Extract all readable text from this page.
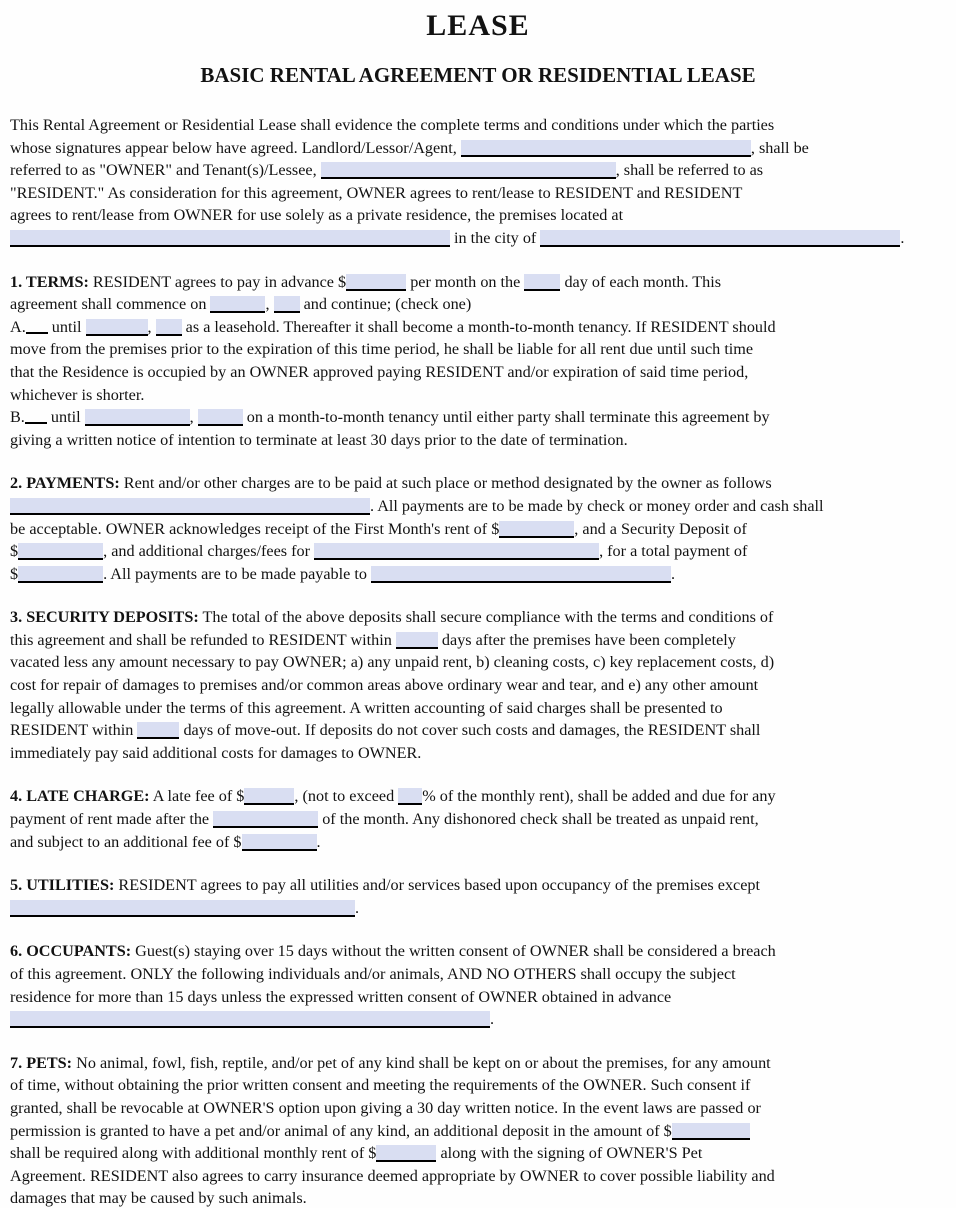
LEASE
BASIC RENTAL AGREEMENT OR RESIDENTIAL LEASE
This Rental Agreement or Residential Lease shall evidence the complete terms and conditions under which the parties
whose signatures appear below have agreed. Landlord/Lessor/Agent,	, shall be
referred to as "OWNER" and Tenant(s)/Lessee,	, shall be referred to as
"RESIDENT." As consideration for this agreement, OWNER agrees to rent/lease to RESIDENT and RESIDENT
agrees to rent/lease from OWNER for use solely as a private residence, the premises located at
in the city of	.
1. TERMS: RESIDENT agrees to pay in advance $	per month on the  day of each month. This
agreement shall commence on	,  and continue; (check one)
A. until	,  as a leasehold. Thereafter it shall become a month-to-month tenancy. If RESIDENT should
move from the premises prior to the expiration of this time period, he shall be liable for all rent due until such time
that the Residence is occupied by an OWNER approved paying RESIDENT and/or expiration of said time period,
whichever is shorter.
B. until	,	on a month-to-month tenancy until either party shall terminate this agreement by
giving a written notice of intention to terminate at least 30 days prior to the date of termination.
2. PAYMENTS: Rent and/or other charges are to be paid at such place or method designated by the owner as follows
. All payments are to be made by check or money order and cash shall
be acceptable. OWNER acknowledges receipt of the First Month's rent of $	, and a Security Deposit of
$	, and additional charges/fees for	, for a total payment of
$	. All payments are to be made payable to	.
3. SECURITY DEPOSITS: The total of the above deposits shall secure compliance with the terms and conditions of
this agreement and shall be refunded to RESIDENT within	days after the premises have been completely
vacated less any amount necessary to pay OWNER; a) any unpaid rent, b) cleaning costs, c) key replacement costs, d)
cost for repair of damages to premises and/or common areas above ordinary wear and tear, and e) any other amount
legally allowable under the terms of this agreement. A written accounting of said charges shall be presented to
RESIDENT within	days of move-out. If deposits do not cover such costs and damages, the RESIDENT shall
immediately pay said additional costs for damages to OWNER.
4. LATE CHARGE: A late fee of $	, (not to exceed % of the monthly rent), shall be added and due for any
payment of rent made after the	of the month. Any dishonored check shall be treated as unpaid rent,
and subject to an additional fee of $	.
5. UTILITIES: RESIDENT agrees to pay all utilities and/or services based upon occupancy of the premises except
.
6. OCCUPANTS: Guest(s) staying over 15 days without the written consent of OWNER shall be considered a breach
of this agreement. ONLY the following individuals and/or animals, AND NO OTHERS shall occupy the subject
residence for more than 15 days unless the expressed written consent of OWNER obtained in advance
.
7. PETS: No animal, fowl, fish, reptile, and/or pet of any kind shall be kept on or about the premises, for any amount
of time, without obtaining the prior written consent and meeting the requirements of the OWNER. Such consent if
granted, shall be revocable at OWNER'S option upon giving a 30 day written notice. In the event laws are passed or
permission is granted to have a pet and/or animal of any kind, an additional deposit in the amount of $
shall be required along with additional monthly rent of $	along with the signing of OWNER'S Pet
Agreement. RESIDENT also agrees to carry insurance deemed appropriate by OWNER to cover possible liability and
damages that may be caused by such animals.
